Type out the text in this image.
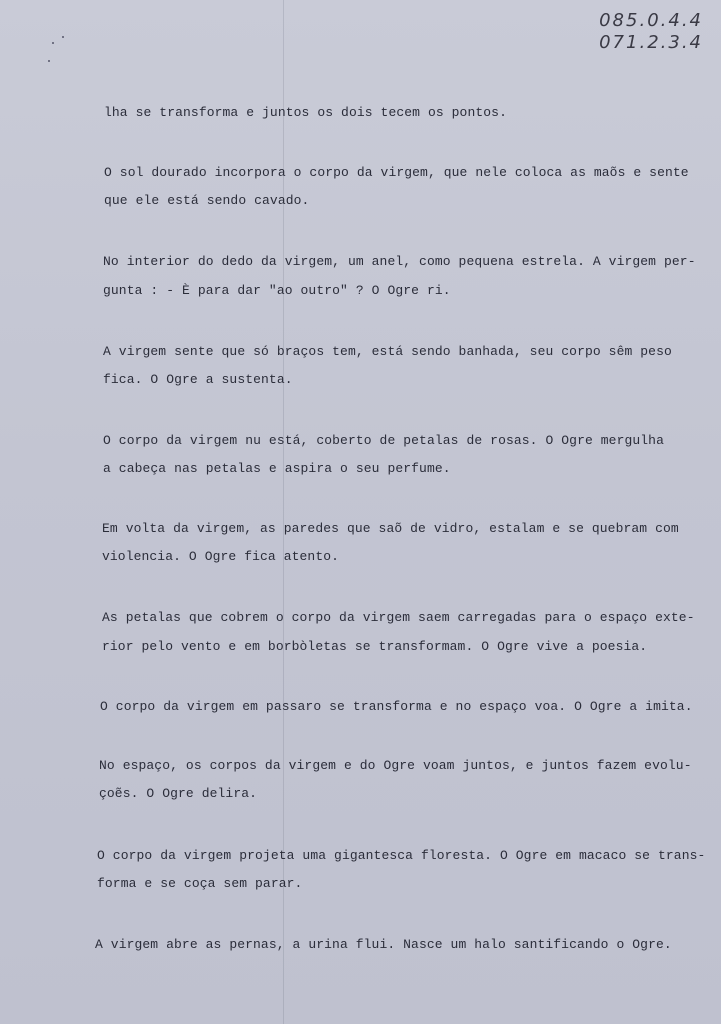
085.0.4.4
071.2.3.4
lha se transforma e juntos os dois tecem os pontos.
O sol dourado incorpora o corpo da virgem, que nele coloca as maõs e sente
que ele está sendo cavado.
No interior do dedo da virgem, um anel, como pequena estrela. A virgem per-
gunta : - È para dar "ao outro" ? O Ogre ri.
A virgem sente que só braços tem, está sendo banhada, seu corpo sêm peso
fica. O Ogre a sustenta.
O corpo da virgem nu está, coberto de petalas de rosas. O Ogre mergulha
a cabeça nas petalas e aspira o seu perfume.
Em volta da virgem, as paredes que saõ de vidro, estalam e se quebram com
violencia. O Ogre fica atento.
As petalas que cobrem o corpo da virgem saem carregadas para o espaço exte-
rior pelo vento e em borbòletas se transformam. O Ogre vive a poesia.
O corpo da virgem em passaro se transforma e no espaço voa. O Ogre a imita.
No espaço, os corpos da virgem e do Ogre voam juntos, e juntos fazem evolu-
çoẽs. O Ogre delira.
O corpo da virgem projeta uma gigantesca floresta. O Ogre em macaco se trans-
forma e se coça sem parar.
A virgem abre as pernas, a urina flui. Nasce um halo santificando o Ogre.
